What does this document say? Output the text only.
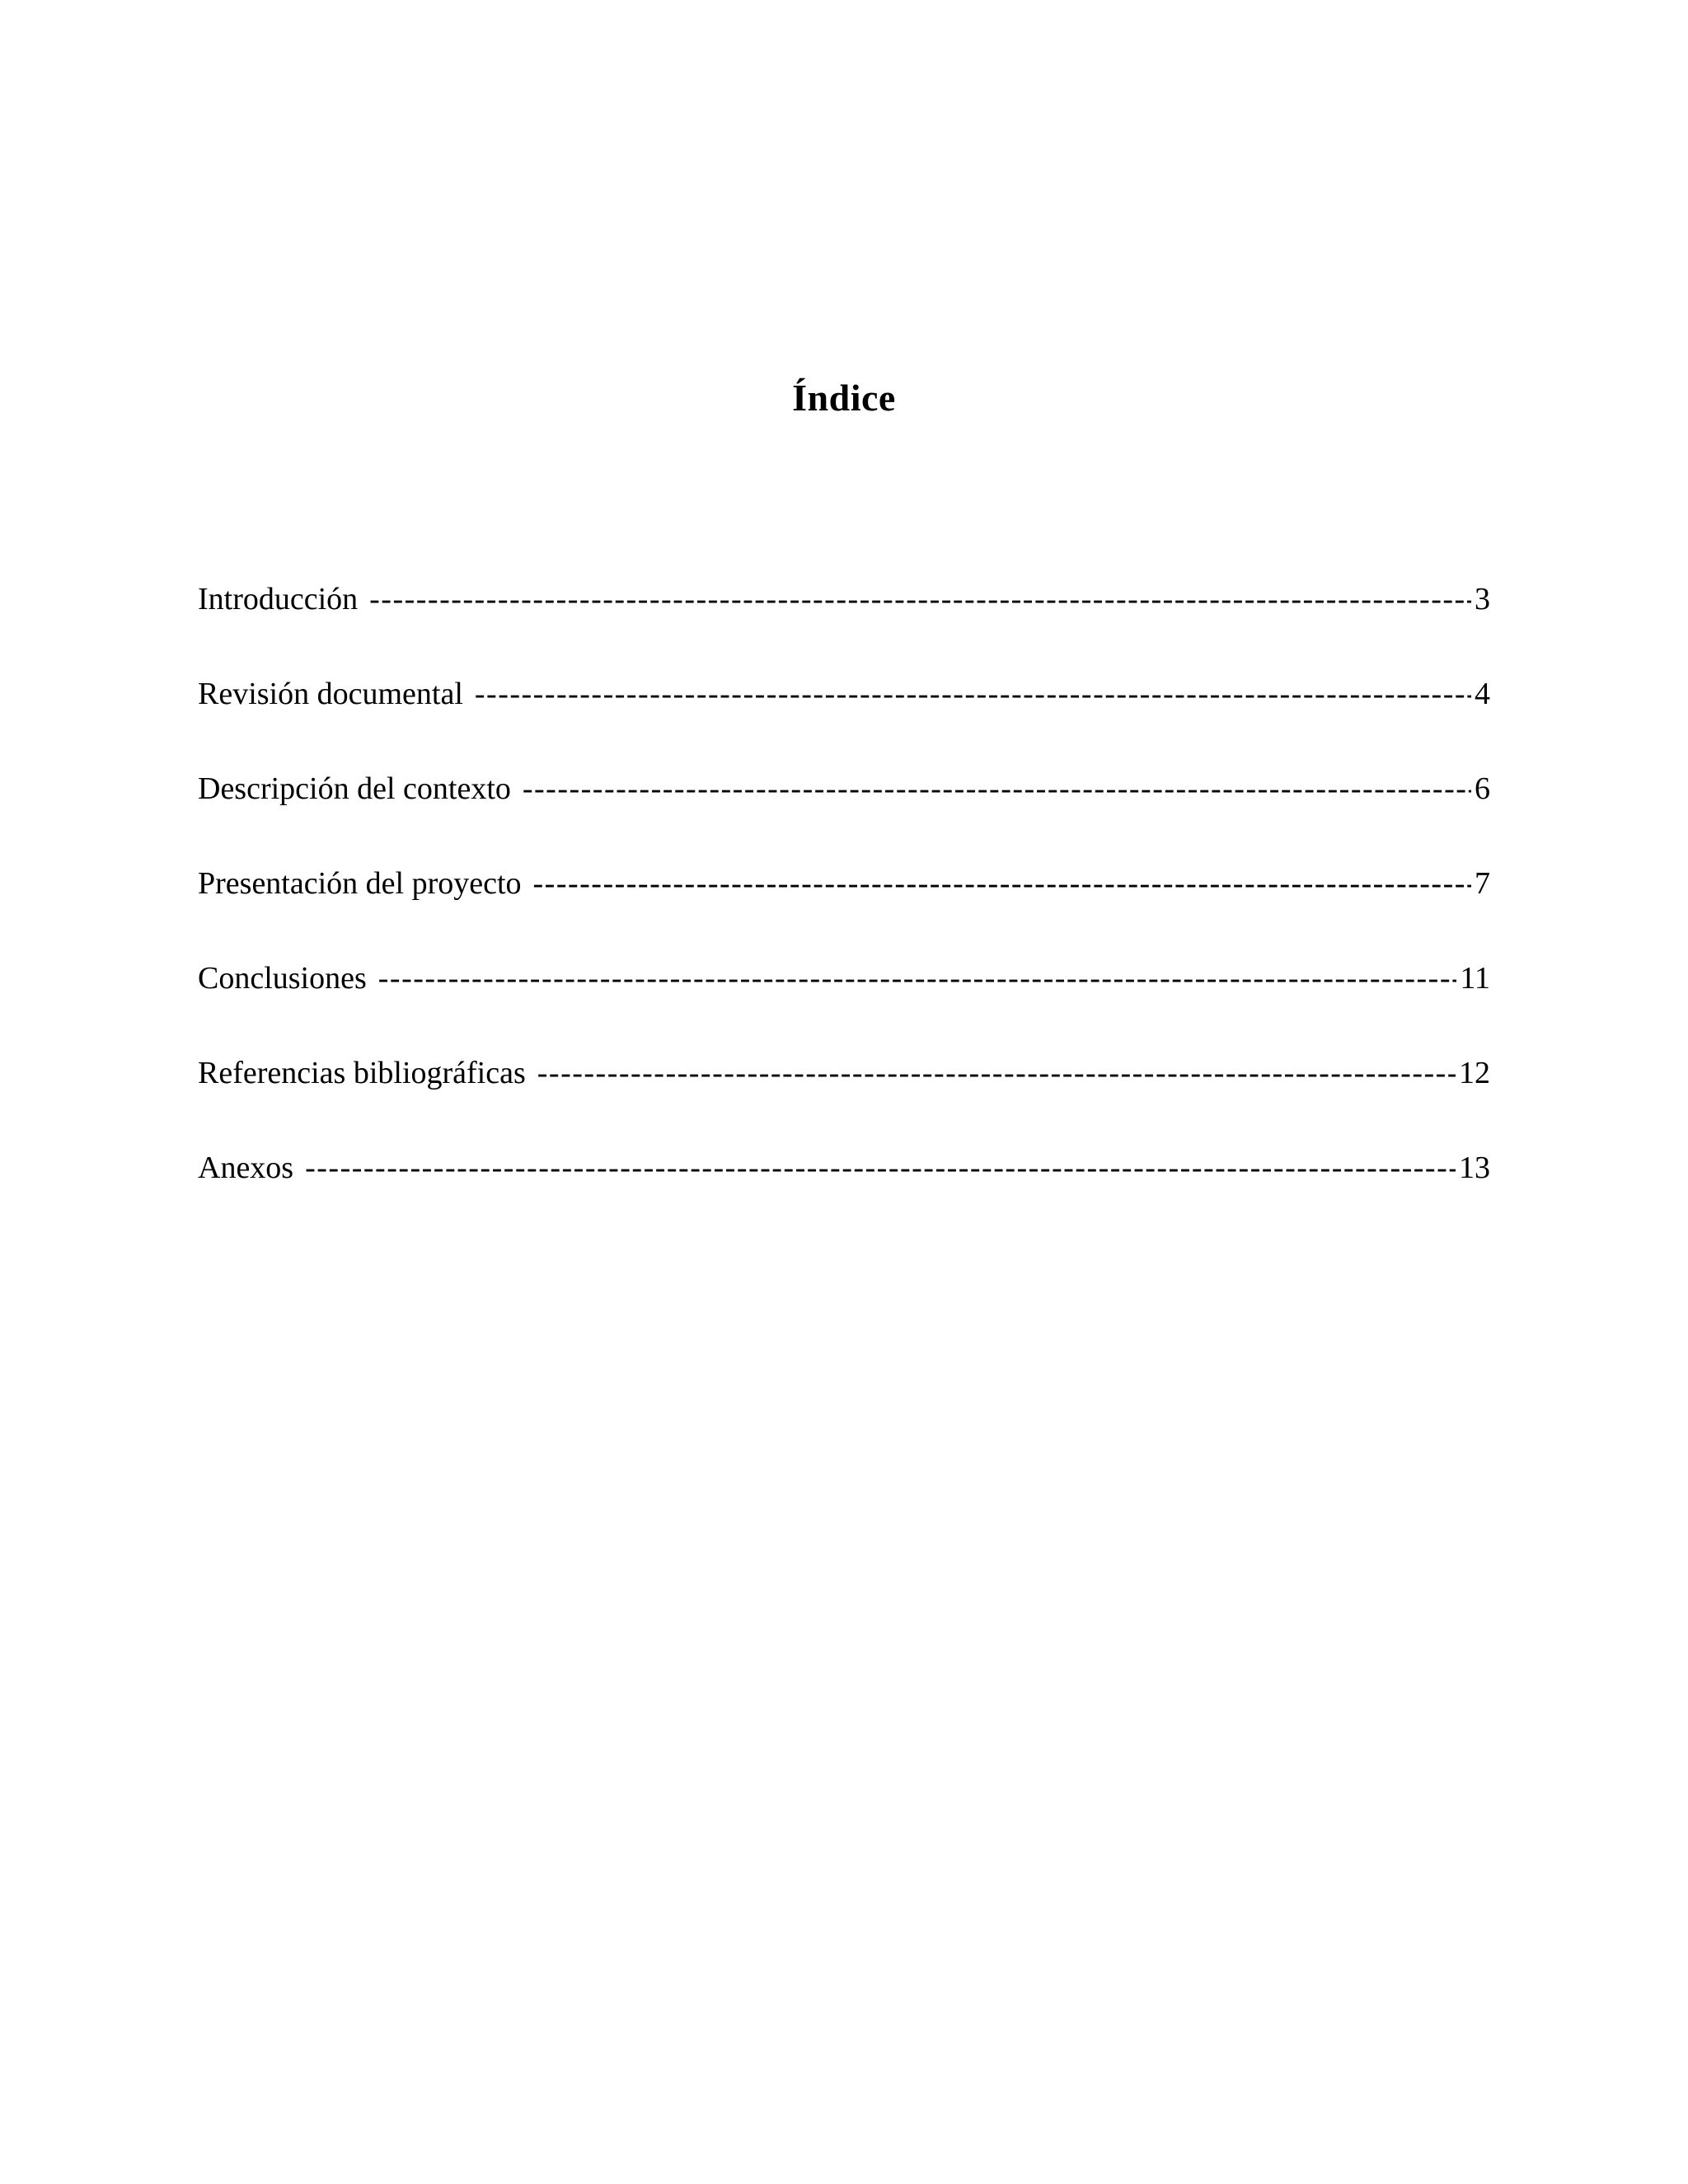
Índice
Introducción -----	3
Revisión documental -----	4
Descripción del contexto -----	6
Presentación del proyecto -----	7
Conclusiones -----	11
Referencias bibliográficas -----	12
Anexos -----	13
